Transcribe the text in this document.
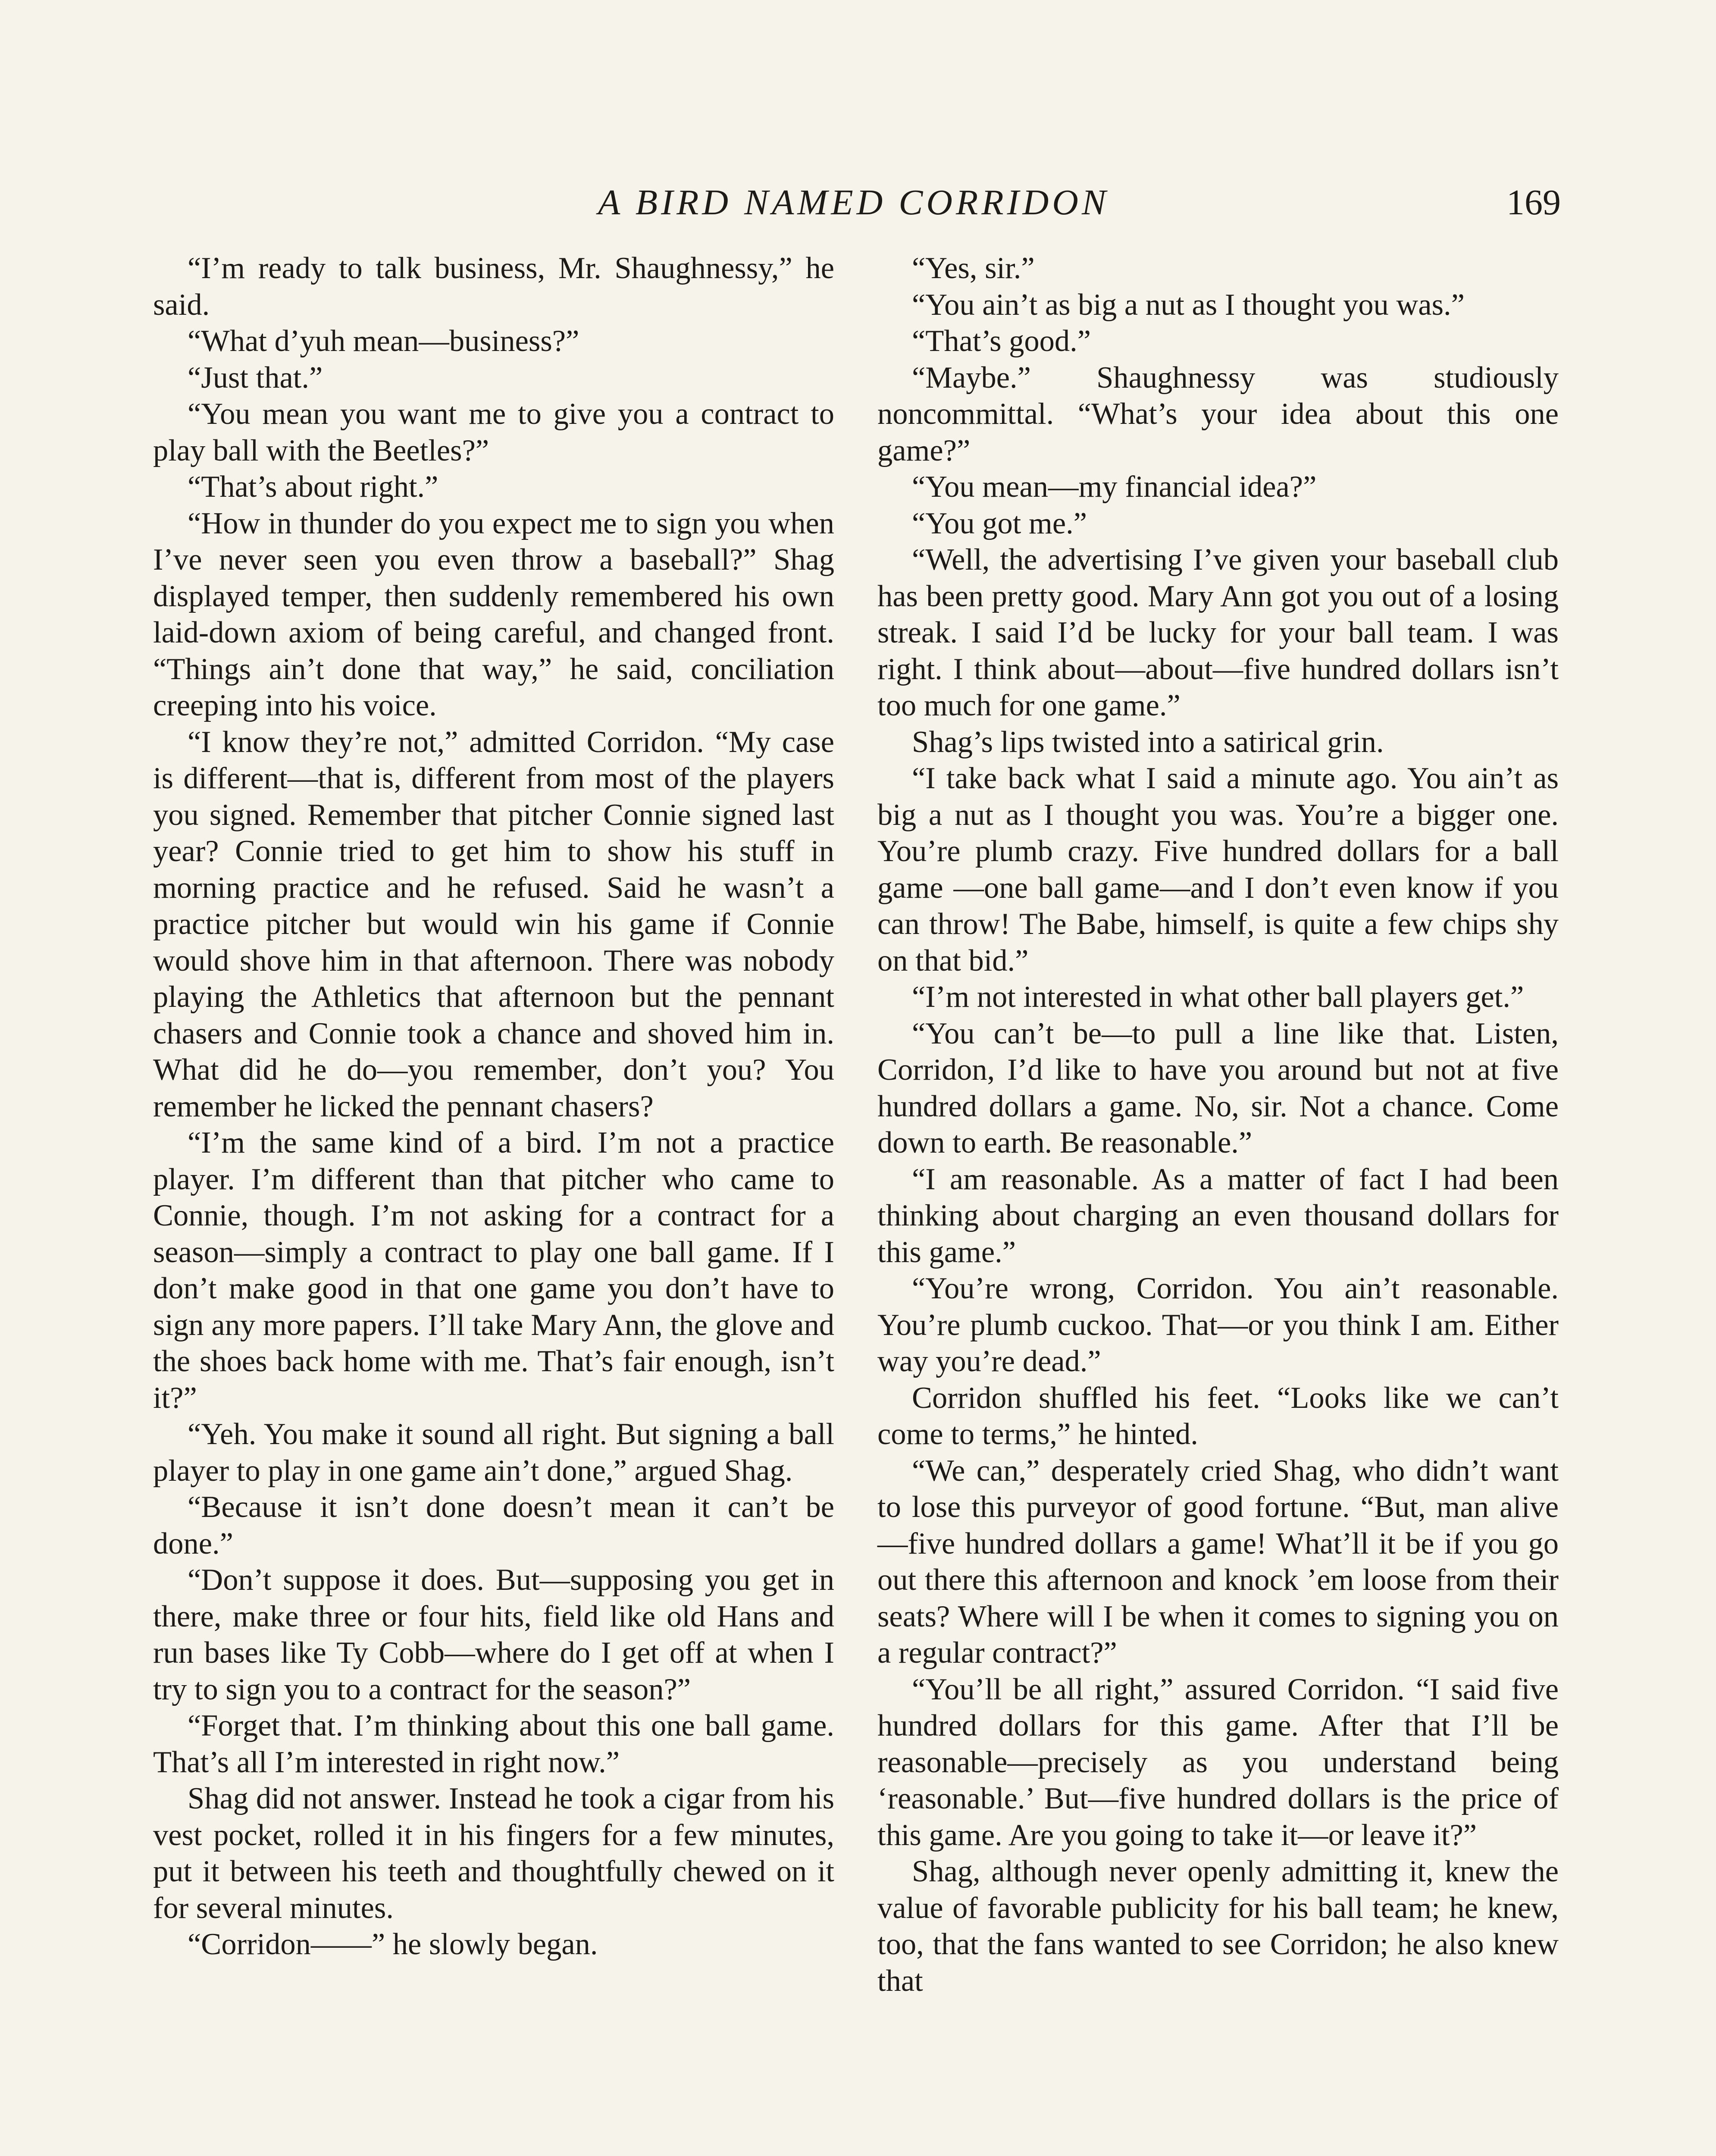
A BIRD NAMED CORRIDON	169

“I’m ready to talk business, Mr. Shaughnessy,” he said.

“What d’yuh mean—business?”

“Just that.”

“You mean you want me to give you a contract to play ball with the Beetles?”

“That’s about right.”

“How in thunder do you expect me to sign you when I’ve never seen you even throw a baseball?” Shag displayed temper, then suddenly remembered his own laid-down axiom of being careful, and changed front. “Things ain’t done that way,” he said, conciliation creeping into his voice.

“I know they’re not,” admitted Corridon. “My case is different—that is, different from most of the players you signed. Remember that pitcher Connie signed last year? Connie tried to get him to show his stuff in morning practice and he refused. Said he wasn’t a practice pitcher but would win his game if Connie would shove him in that afternoon. There was nobody playing the Athletics that afternoon but the pennant chasers and Connie took a chance and shoved him in. What did he do—you remember, don’t you? You remember he licked the pennant chasers?

“I’m the same kind of a bird. I’m not a practice player. I’m different than that pitcher who came to Connie, though. I’m not asking for a contract for a season—simply a contract to play one ball game. If I don’t make good in that one game you don’t have to sign any more papers. I’ll take Mary Ann, the glove and the shoes back home with me. That’s fair enough, isn’t it?”

“Yeh. You make it sound all right. But signing a ball player to play in one game ain’t done,” argued Shag.

“Because it isn’t done doesn’t mean it can’t be done.”

“Don’t suppose it does. But—supposing you get in there, make three or four hits, field like old Hans and run bases like Ty Cobb—where do I get off at when I try to sign you to a contract for the season?”

“Forget that. I’m thinking about this one ball game. That’s all I’m interested in right now.”

Shag did not answer. Instead he took a cigar from his vest pocket, rolled it in his fingers for a few minutes, put it between his teeth and thoughtfully chewed on it for several minutes.

“Corridon——” he slowly began.

“Yes, sir.”

“You ain’t as big a nut as I thought you was.”

“That’s good.”

“Maybe.” Shaughnessy was studiously noncommittal. “What’s your idea about this one game?”

“You mean—my financial idea?”

“You got me.”

“Well, the advertising I’ve given your baseball club has been pretty good. Mary Ann got you out of a losing streak. I said I’d be lucky for your ball team. I was right. I think about—about—five hundred dollars isn’t too much for one game.”

Shag’s lips twisted into a satirical grin.

“I take back what I said a minute ago. You ain’t as big a nut as I thought you was. You’re a bigger one. You’re plumb crazy. Five hundred dollars for a ball game —one ball game—and I don’t even know if you can throw! The Babe, himself, is quite a few chips shy on that bid.”

“I’m not interested in what other ball players get.”

“You can’t be—to pull a line like that. Listen, Corridon, I’d like to have you around but not at five hundred dollars a game. No, sir. Not a chance. Come down to earth. Be reasonable.”

“I am reasonable. As a matter of fact I had been thinking about charging an even thousand dollars for this game.”

“You’re wrong, Corridon. You ain’t reasonable. You’re plumb cuckoo. That—or you think I am. Either way you’re dead.”

Corridon shuffled his feet. “Looks like we can’t come to terms,” he hinted.

“We can,” desperately cried Shag, who didn’t want to lose this purveyor of good fortune. “But, man alive—five hundred dollars a game! What’ll it be if you go out there this afternoon and knock ’em loose from their seats? Where will I be when it comes to signing you on a regular contract?”

“You’ll be all right,” assured Corridon. “I said five hundred dollars for this game. After that I’ll be reasonable—precisely as you understand being ‘reasonable.’ But—five hundred dollars is the price of this game. Are you going to take it—or leave it?”

Shag, although never openly admitting it, knew the value of favorable publicity for his ball team; he knew, too, that the fans wanted to see Corridon; he also knew that
